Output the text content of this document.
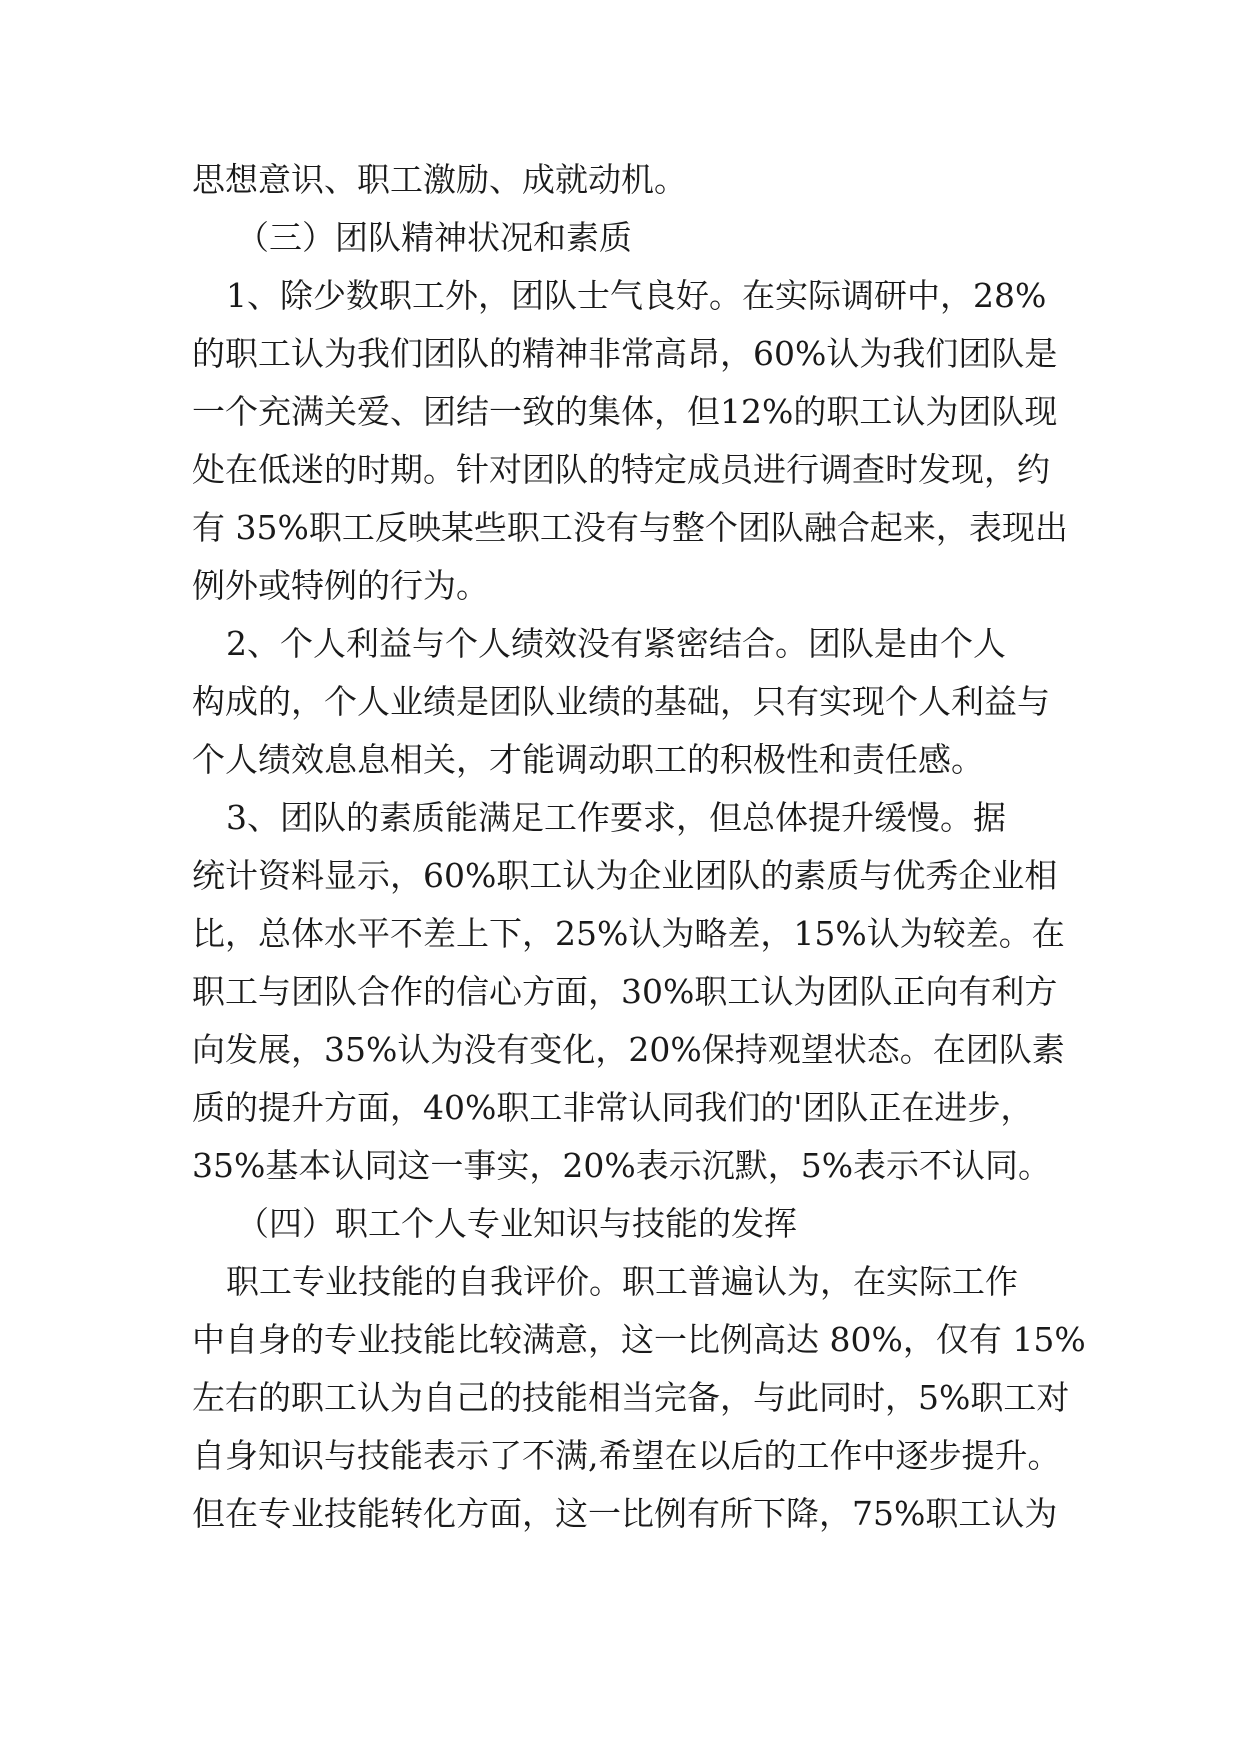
思想意识、职工激励、成就动机。
（三）团队精神状况和素质
1、除少数职工外，团队士气良好。在实际调研中，28%
的职工认为我们团队的精神非常高昂，60%认为我们团队是
一个充满关爱、团结一致的集体，但12%的职工认为团队现
处在低迷的时期。针对团队的特定成员进行调查时发现，约
有 35%职工反映某些职工没有与整个团队融合起来，表现出
例外或特例的行为。
2、个人利益与个人绩效没有紧密结合。团队是由个人
构成的，个人业绩是团队业绩的基础，只有实现个人利益与
个人绩效息息相关，才能调动职工的积极性和责任感。
3、团队的素质能满足工作要求，但总体提升缓慢。据
统计资料显示，60%职工认为企业团队的素质与优秀企业相
比，总体水平不差上下，25%认为略差，15%认为较差。在
职工与团队合作的信心方面，30%职工认为团队正向有利方
向发展，35%认为没有变化，20%保持观望状态。在团队素
质的提升方面，40%职工非常认同我们的'团队正在进步，
35%基本认同这一事实，20%表示沉默，5%表示不认同。
（四）职工个人专业知识与技能的发挥
职工专业技能的自我评价。职工普遍认为，在实际工作
中自身的专业技能比较满意，这一比例高达 80%，仅有 15%
左右的职工认为自己的技能相当完备，与此同时，5%职工对
自身知识与技能表示了不满,希望在以后的工作中逐步提升。
但在专业技能转化方面，这一比例有所下降，75%职工认为
